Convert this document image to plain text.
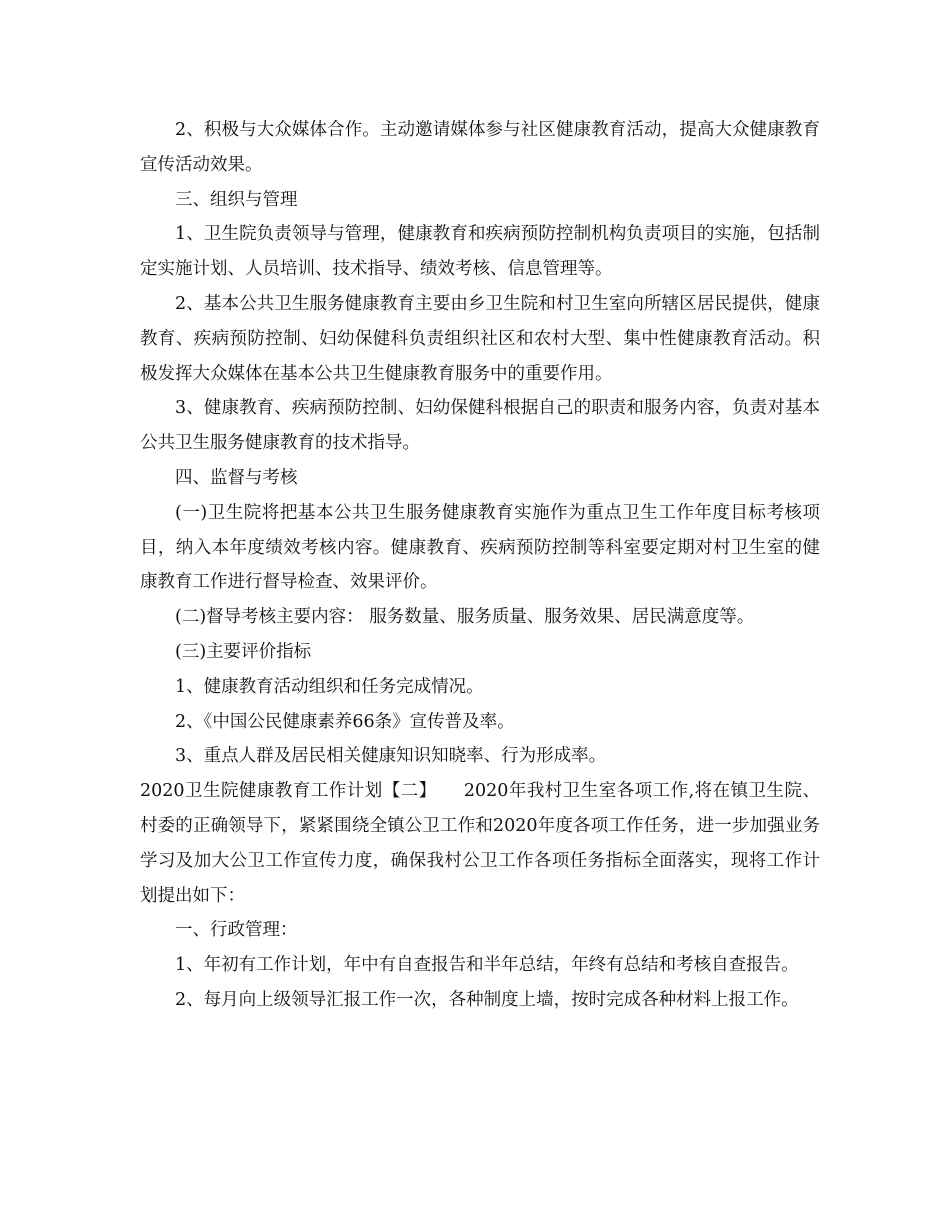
2、积极与大众媒体合作。主动邀请媒体参与社区健康教育活动，提高大众健康教育宣传活动效果。

三、组织与管理

1、卫生院负责领导与管理，健康教育和疾病预防控制机构负责项目的实施，包括制定实施计划、人员培训、技术指导、绩效考核、信息管理等。

2、基本公共卫生服务健康教育主要由乡卫生院和村卫生室向所辖区居民提供，健康教育、疾病预防控制、妇幼保健科负责组织社区和农村大型、集中性健康教育活动。积极发挥大众媒体在基本公共卫生健康教育服务中的重要作用。

3、健康教育、疾病预防控制、妇幼保健科根据自己的职责和服务内容，负责对基本公共卫生服务健康教育的技术指导。

四、监督与考核

(一)卫生院将把基本公共卫生服务健康教育实施作为重点卫生工作年度目标考核项目，纳入本年度绩效考核内容。健康教育、疾病预防控制等科室要定期对村卫生室的健康教育工作进行督导检查、效果评价。

(二)督导考核主要内容： 服务数量、服务质量、服务效果、居民满意度等。

(三)主要评价指标

1、健康教育活动组织和任务完成情况。

2、《中国公民健康素养66条》宣传普及率。

3、重点人群及居民相关健康知识知晓率、行为形成率。

2020卫生院健康教育工作计划【二】　　2020年我村卫生室各项工作,将在镇卫生院、村委的正确领导下，紧紧围绕全镇公卫工作和2020年度各项工作任务，进一步加强业务学习及加大公卫工作宣传力度，确保我村公卫工作各项任务指标全面落实，现将工作计划提出如下：

一、行政管理：

1、年初有工作计划，年中有自查报告和半年总结，年终有总结和考核自查报告。

2、每月向上级领导汇报工作一次，各种制度上墙，按时完成各种材料上报工作。
